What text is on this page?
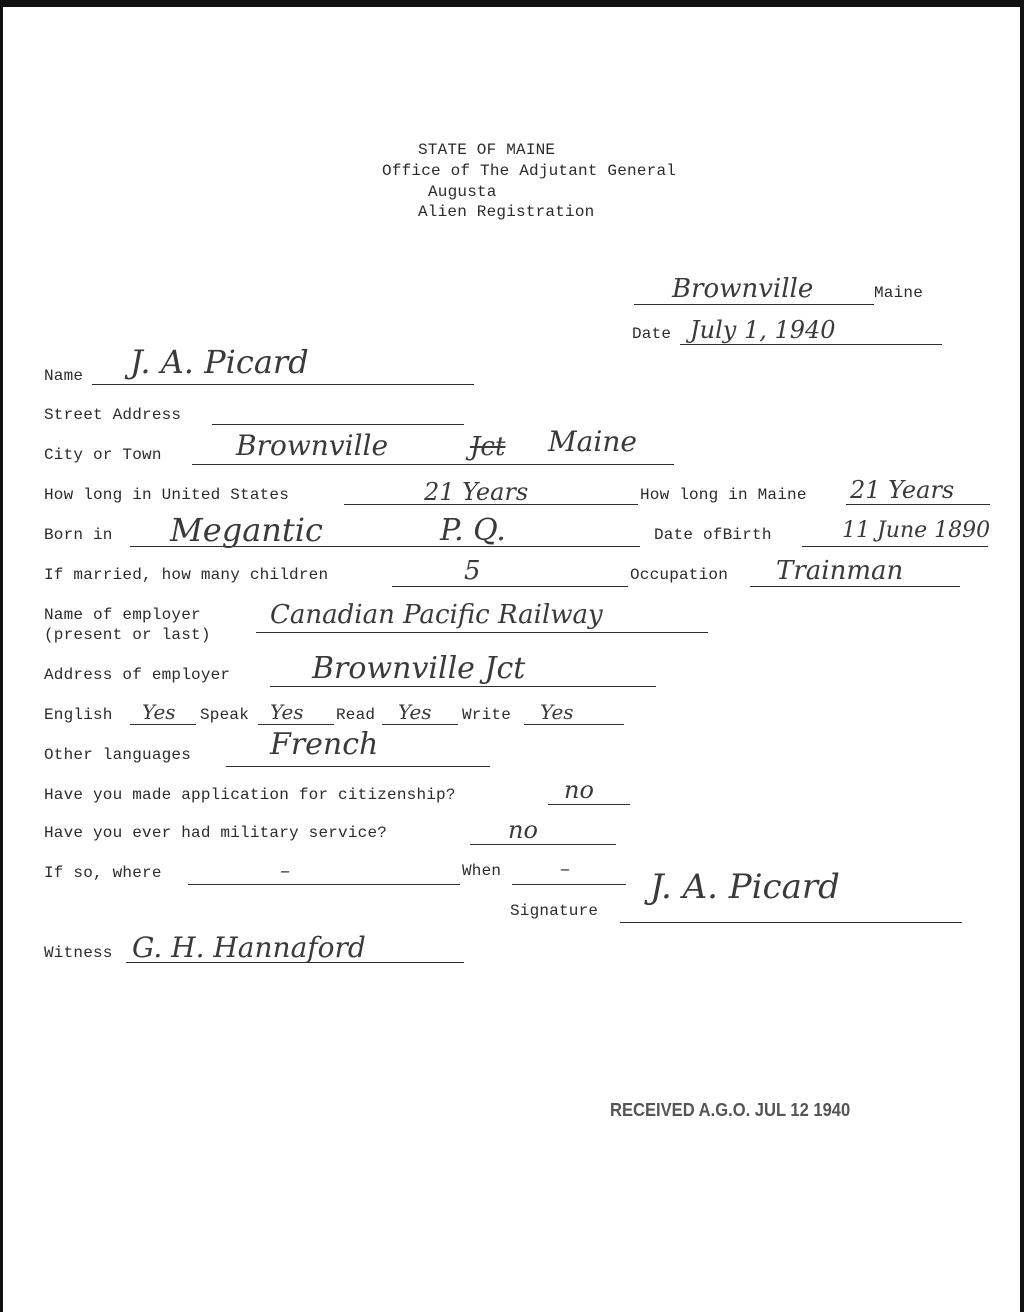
STATE OF MAINE
Office of The Adjutant General
Augusta
Alien Registration
Brownville	Maine
Date July 1, 1940
Name J. A. Picard
Street Address
City or Town	Brownville	Jct Maine
How long in United States	21 Years	How long in Maine 21 Years
Born in Megantic	P. Q.	Date ofBirth	11 June 1890
If married, how many children	5	Occupation Trainman
Name of employer
(present or last)
Canadian Pacific Railway
Address of employer	Brownville Jct
English Yes Speak Yes Read Yes Write Yes
Other languages	French
Have you made application for citizenship?	no
Have you ever had military service?	no
If so, where	–	When	–
Signature
J. A. Picard
Witness G. H. Hannaford
RECEIVED A.G.O. JUL 12 1940
